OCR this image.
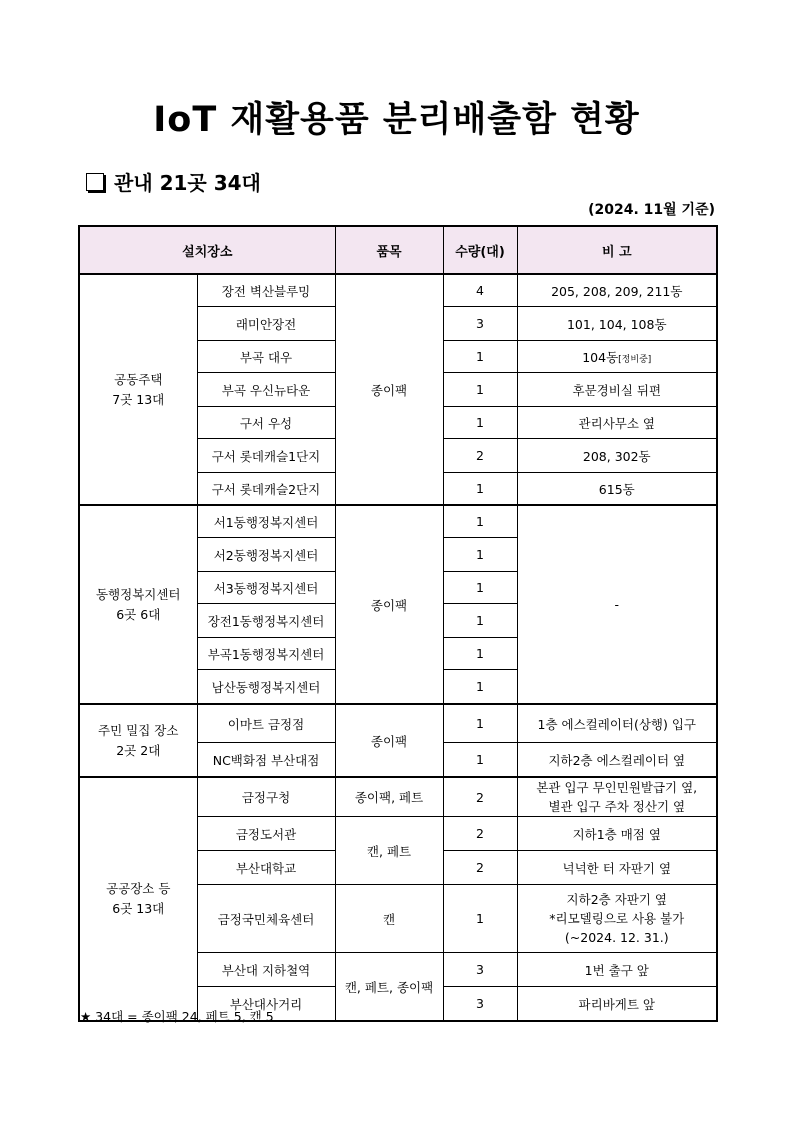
IoT 재활용품 분리배출함 현황
관내 21곳 34대
(2024. 11월 기준)
설치장소		품목	수량(대)	비 고
공동주택
7곳 13대	장전 벽산블루밍	종이팩	4	205, 208, 209, 211동
	래미안장전		3	101, 104, 108동
	부곡 대우		1	104동[정비중]
	부곡 우신뉴타운		1	후문경비실 뒤편
	구서 우성		1	관리사무소 옆
	구서 롯데캐슬1단지		2	208, 302동
	구서 롯데캐슬2단지		1	615동
동행정복지센터
6곳 6대	서1동행정복지센터	종이팩	1	-
	서2동행정복지센터		1	
	서3동행정복지센터		1	
	장전1동행정복지센터		1	
	부곡1동행정복지센터		1	
	남산동행정복지센터		1	
주민 밀집 장소
2곳 2대	이마트 금정점	종이팩	1	1층 에스컬레이터(상행) 입구
	NC백화점 부산대점		1	지하2층 에스컬레이터 옆
공공장소 등
6곳 13대	금정구청	종이팩, 페트	2	본관 입구 무인민원발급기 옆,
별관 입구 주차 정산기 옆
	금정도서관	캔, 페트	2	지하1층 매점 옆
	부산대학교		2	넉넉한 터 자판기 옆
	금정국민체육센터	캔	1	지하2층 자판기 옆
*리모델링으로 사용 불가
(~2024. 12. 31.)
	부산대 지하철역	캔, 페트, 종이팩	3	1번 출구 앞
	부산대사거리		3	파리바게트 앞
★ 34대 = 종이팩 24, 페트 5, 캔 5
